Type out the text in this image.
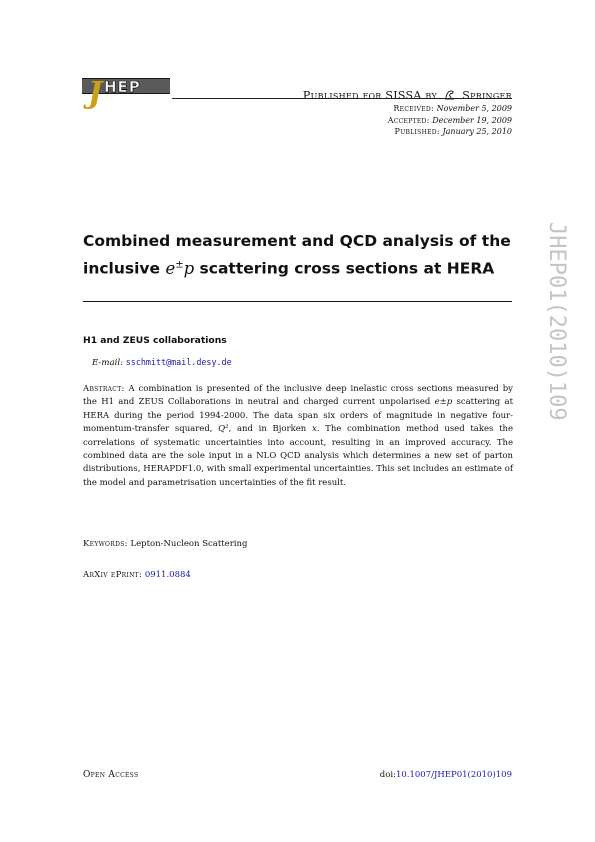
J HEP	Published for SISSA by Springer
Received: November 5, 2009
Accepted: December 19, 2009
Published: January 25, 2010
Combined measurement and QCD analysis of the
inclusive e±p scattering cross sections at HERA
H1 and ZEUS collaborations
E-mail: sschmitt@mail.desy.de

Abstract: A combination is presented of the inclusive deep inelastic cross sections measured by the H1 and ZEUS Collaborations in neutral and charged current unpolarised e±p scattering at HERA during the period 1994-2000. The data span six orders of magnitude in negative four-momentum-transfer squared, Q², and in Bjorken x. The combination method used takes the correlations of systematic uncertainties into account, resulting in an improved accuracy. The combined data are the sole input in a NLO QCD analysis which determines a new set of parton distributions, HERAPDF1.0, with small experimental uncertainties. This set includes an estimate of the model and parametrisation uncertainties of the fit result.

Keywords: Lepton-Nucleon Scattering
ArXiv ePrint: 0911.0884
Open Access	doi:10.1007/JHEP01(2010)109
JHEP01(2010)109
